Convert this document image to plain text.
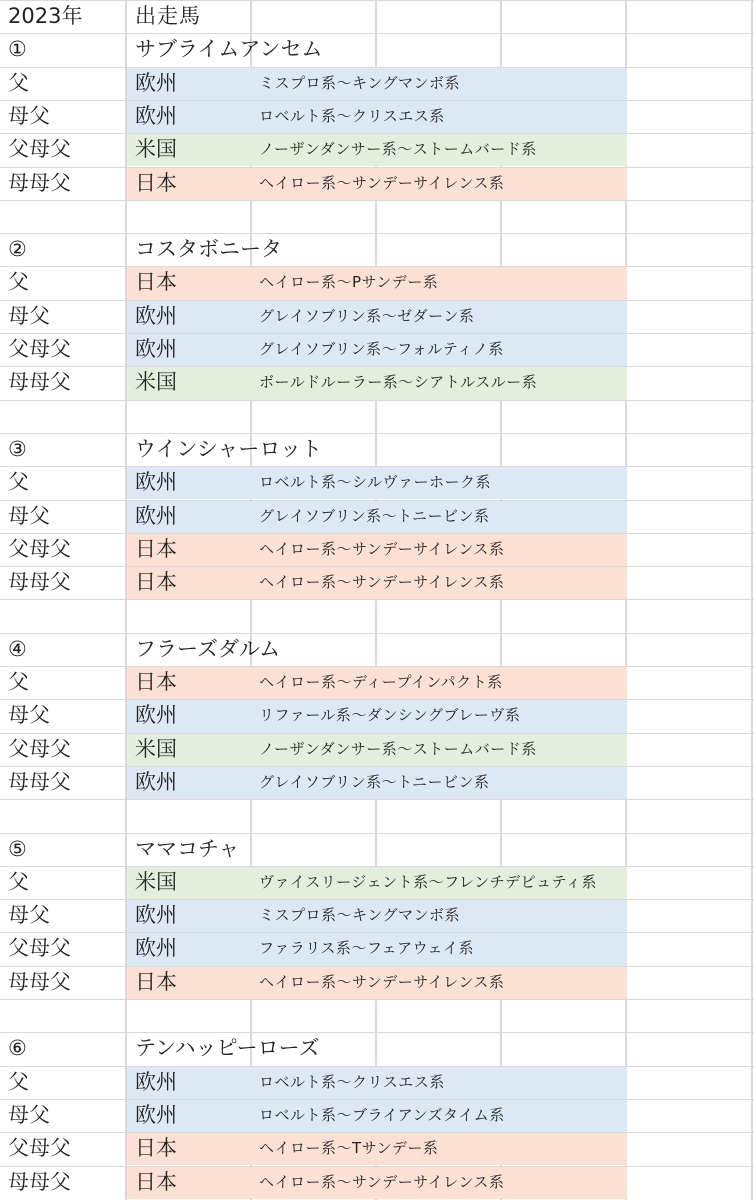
2023年	出走馬
①	サブライムアンセム
父	欧州	ミスプロ系～キングマンボ系
母父	欧州	ロベルト系～クリスエス系
父母父	米国	ノーザンダンサー系～ストームバード系
母母父	日本	ヘイロー系～サンデーサイレンス系
②	コスタボニータ
父	日本	ヘイロー系～Pサンデー系
母父	欧州	グレイソブリン系～ゼダーン系
父母父	欧州	グレイソブリン系～フォルティノ系
母母父	米国	ボールドルーラー系～シアトルスルー系
③	ウインシャーロット
父	欧州	ロベルト系～シルヴァーホーク系
母父	欧州	グレイソブリン系～トニービン系
父母父	日本	ヘイロー系～サンデーサイレンス系
母母父	日本	ヘイロー系～サンデーサイレンス系
④	フラーズダルム
父	日本	ヘイロー系～ディープインパクト系
母父	欧州	リファール系～ダンシングブレーヴ系
父母父	米国	ノーザンダンサー系～ストームバード系
母母父	欧州	グレイソブリン系～トニービン系
⑤	ママコチャ
父	米国	ヴァイスリージェント系～フレンチデピュティ系
母父	欧州	ミスプロ系～キングマンボ系
父母父	欧州	ファラリス系～フェアウェイ系
母母父	日本	ヘイロー系～サンデーサイレンス系
⑥	テンハッピーローズ
父	欧州	ロベルト系～クリスエス系
母父	欧州	ロベルト系～ブライアンズタイム系
父母父	日本	ヘイロー系～Tサンデー系
母母父	日本	ヘイロー系～サンデーサイレンス系
